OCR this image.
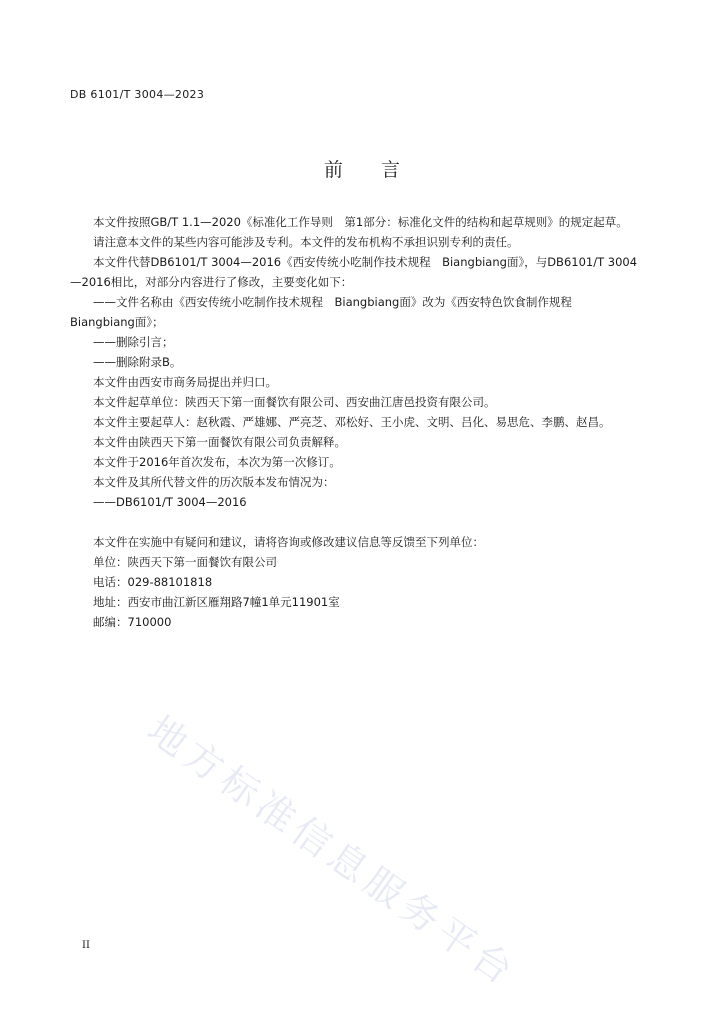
DB 6101/T 3004—2023
前言

本文件按照GB/T 1.1—2020《标准化工作导则　第1部分：标准化文件的结构和起草规则》的规定起草。

请注意本文件的某些内容可能涉及专利。本文件的发布机构不承担识别专利的责任。

本文件代替DB6101/T 3004—2016《西安传统小吃制作技术规程　Biangbiang面》，与DB6101/T 3004—2016相比，对部分内容进行了修改，主要变化如下：

——文件名称由《西安传统小吃制作技术规程　Biangbiang面》改为《西安特色饮食制作规程　Biangbiang面》；

——删除引言；

——删除附录B。

本文件由西安市商务局提出并归口。

本文件起草单位：陕西天下第一面餐饮有限公司、西安曲江唐邑投资有限公司。

本文件主要起草人：赵秋霞、严雄娜、严亮芝、邓松好、王小虎、文明、吕化、易思危、李鹏、赵昌。

本文件由陕西天下第一面餐饮有限公司负责解释。

本文件于2016年首次发布，本次为第一次修订。

本文件及其所代替文件的历次版本发布情况为：

——DB6101/T 3004—2016

本文件在实施中有疑问和建议，请将咨询或修改建议信息等反馈至下列单位：

单位：陕西天下第一面餐饮有限公司

电话：029-88101818

地址：西安市曲江新区雁翔路7幢1单元11901室

邮编：710000

地方标准信息服务平台
II
